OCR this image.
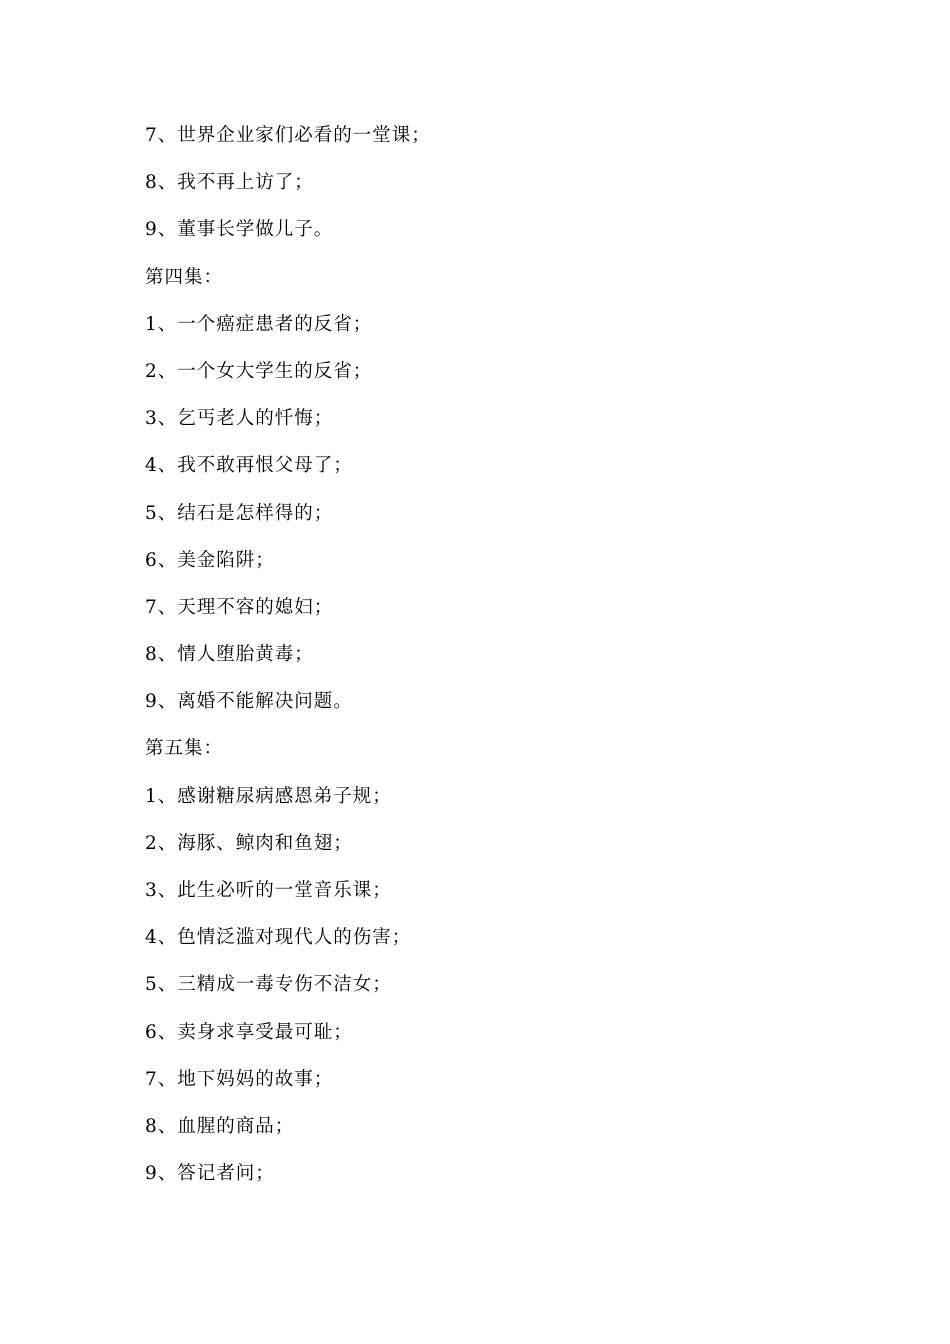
7、世界企业家们必看的一堂课；
8、我不再上访了；
9、董事长学做儿子。
第四集：
1、一个癌症患者的反省；
2、一个女大学生的反省；
3、乞丐老人的忏悔；
4、我不敢再恨父母了；
5、结石是怎样得的；
6、美金陷阱；
7、天理不容的媳妇；
8、情人堕胎黄毒；
9、离婚不能解决问题。
第五集：
1、感谢糖尿病感恩弟子规；
2、海豚、鲸肉和鱼翅；
3、此生必听的一堂音乐课；
4、色情泛滥对现代人的伤害；
5、三精成一毒专伤不洁女；
6、卖身求享受最可耻；
7、地下妈妈的故事；
8、血腥的商品；
9、答记者问；
